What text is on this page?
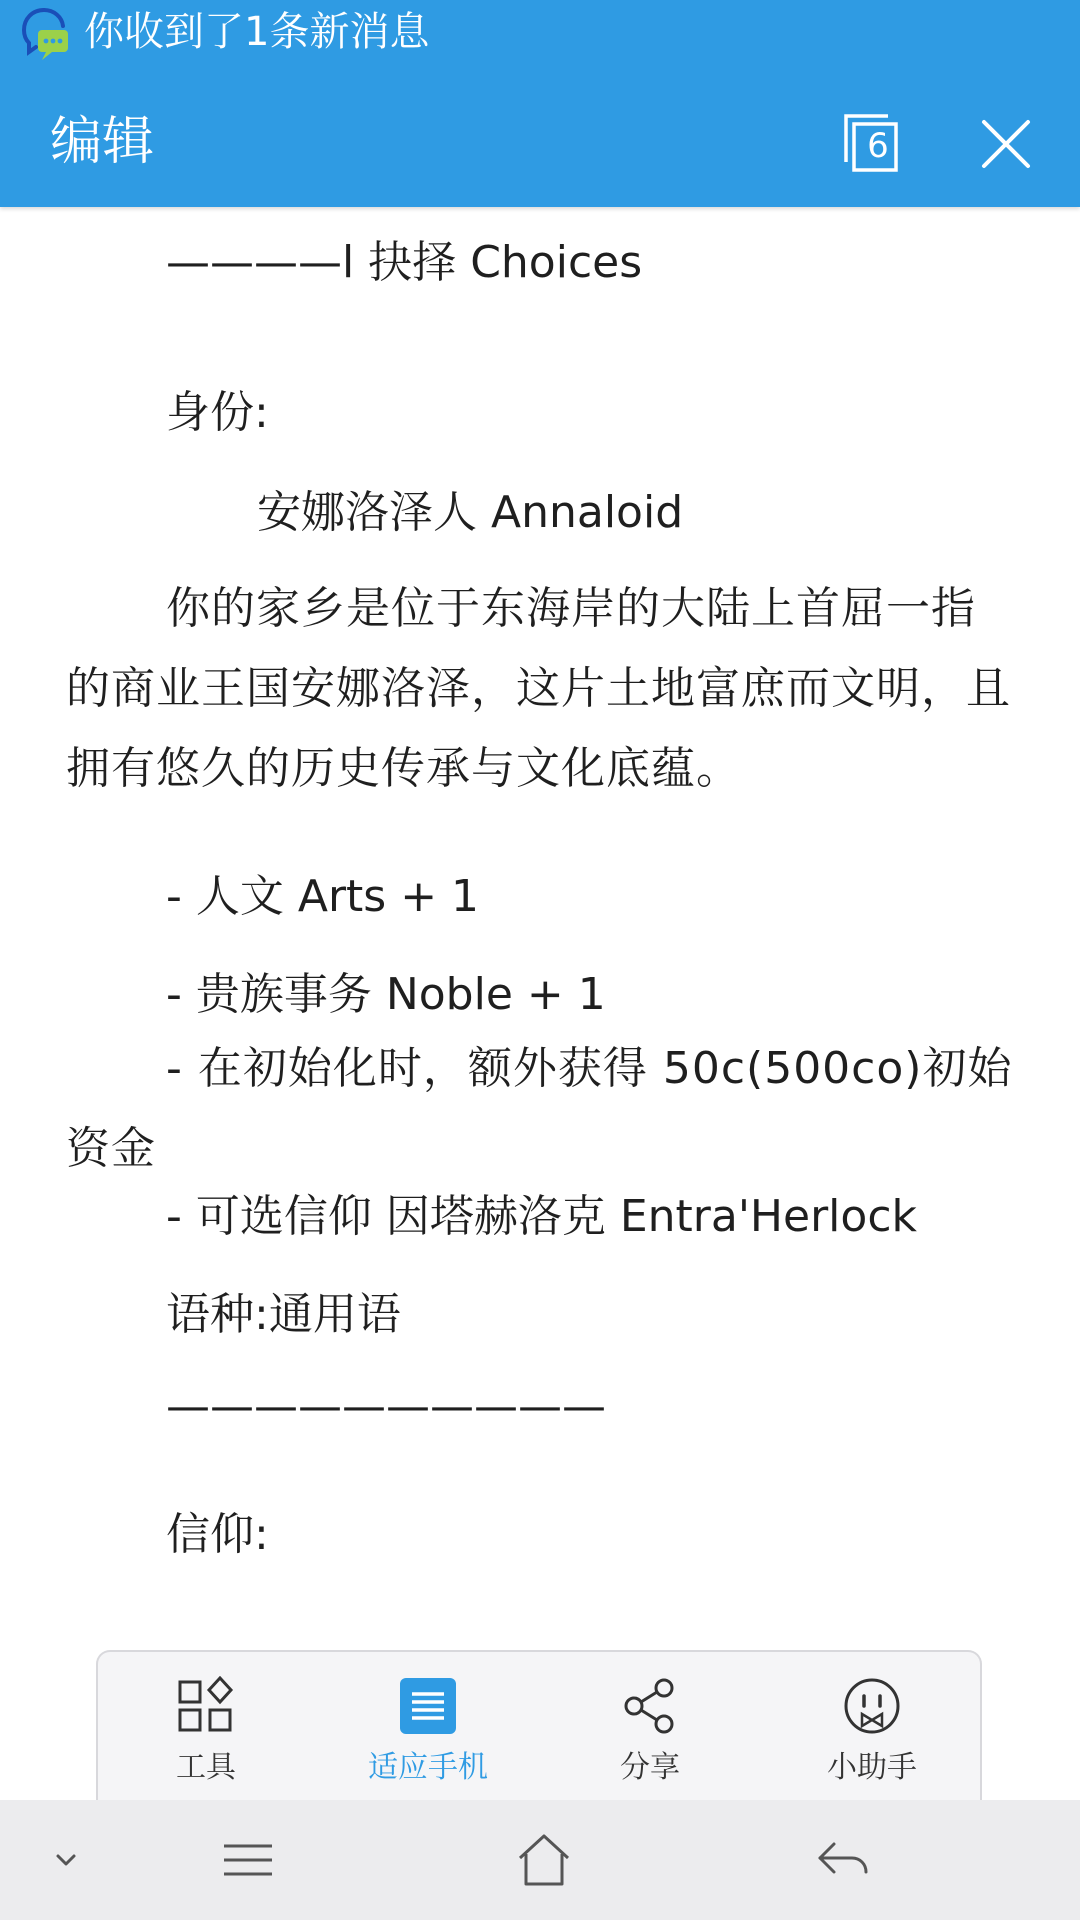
你收到了1条新消息
编辑	6
————l 抉择 Choices
身份:
安娜洛泽人 Annaloid
你的家乡是位于东海岸的大陆上首屈一指的商业王国安娜洛泽，这片土地富庶而文明，且拥有悠久的历史传承与文化底蕴。
- 人文 Arts + 1
- 贵族事务 Noble + 1
- 在初始化时，额外获得 50c(500co)初始资金
- 可选信仰 因塔赫洛克 Entra'Herlock
语种:通用语
——————————
信仰:
工具	适应手机	分享	小助手
